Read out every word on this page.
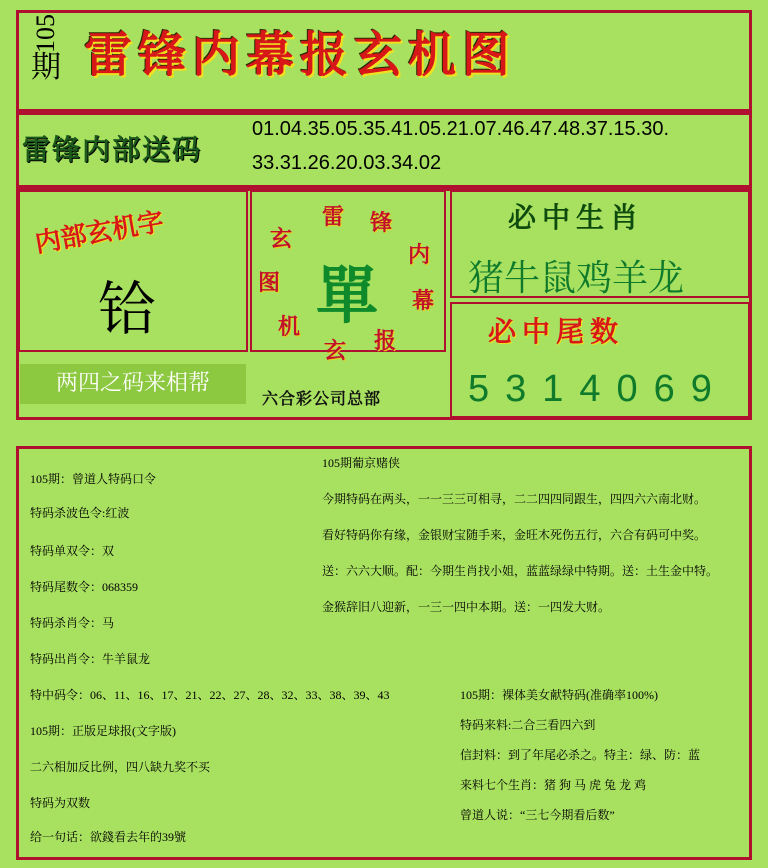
105
期 雷锋内幕报玄机图
雷锋内部送码
01.04.35.05.35.41.05.21.07.46.47.48.37.15.30.
33.31.26.20.03.34.02
内部玄机字
铪
两四之码来相帮
雷 锋
内
幕
报
玄
机
图
玄
單
六合彩公司总部
必中生肖
猪牛鼠鸡羊龙
必中尾数
5314069
105期：曾道人特码口令
特码杀波色令:红波
特码单双令：双
特码尾数令：068359
特码杀肖令：马
特码出肖令：牛羊鼠龙
特中码令：06、11、16、17、21、22、27、28、32、33、38、39、43
105期：正版足球报(文字版)
二六相加反比例，四八缺九奖不买
特码为双数
给一句话：欲錢看去年的39號
105期葡京赌侠
今期特码在两头，一一三三可相寻，二二四四同跟生，四四六六南北财。
看好特码你有缘，金银财宝随手来，金旺木死伤五行，六合有码可中奖。
送：六六大顺。配：今期生肖找小姐，蓝蓝绿绿中特期。送：土生金中特。
金猴辞旧八迎新，一三一四中本期。送：一四发大财。
105期：裸体美女献特码(准确率100%)
特码来料:二合三看四六到
信封料：到了年尾必杀之。特主：绿、防：蓝
来料七个生肖：猪 狗 马 虎 兔 龙 鸡
曾道人说：“三七今期看后数”
